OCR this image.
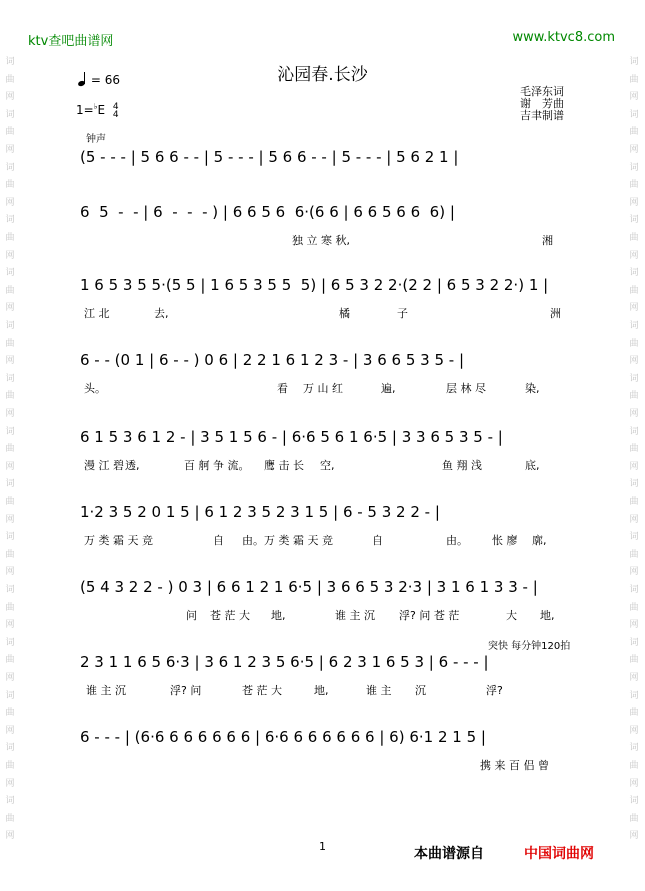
词
曲
网
词
曲
网
词
曲
网
词
曲
网
词
曲
网
词
曲
网
词
曲
网
词
曲
网
词
曲
网
词
曲
网
词
曲
网
词
曲
网
词
曲
网
词
曲
网
词
曲
网
词
曲
网
词
曲
网
词
曲
网
词
曲
网
词
曲
网
词
曲
网
词
曲
网
词
曲
网
词
曲
网
词
曲
网
词
曲
网
词
曲
网
词
曲
网
词
曲
网
词
曲
网
ktv查吧曲谱网	www.ktvc8.com
沁园春.长沙
= 66
1=♭E 4
4
毛泽东词
谢　芳曲
吉聿制谱
钟声
突快 每分钟120拍
(5 - - - | 5 6 6 - - | 5 - - - | 5 6 6 - - | 5 - - - | 5 6 2 1 |
6  5  -  - | 6  -  -  - ) | 6 6 5 6  6·(6 6 | 6 6 5 6 6  6) |
独 立 寒 秋,	湘
1 6 5 3 5 5·(5 5 | 1 6 5 3 5 5  5) | 6 5 3 2 2·(2 2 | 6 5 3 2 2·) 1 |
江 北	去,	橘	子	洲
6 - - (0 1 | 6 - - ) 0 6 | 2 2 1 6 1 2 3 - | 3 6 6 5 3 5 - |
头。	看 万 山 红	遍,	层 林 尽	染,
6 1 5 3 6 1 2 - | 3 5 1 5 6 - | 6·6 5 6 1 6·5 | 3 3 6 5 3 5 - |
漫 江 碧 透,	百 舸 争 流。 鹰 击 长 空,	鱼 翔 浅	底,
1·2 3 5 2 0 1 5 | 6 1 2 3 5 2 3 1 5 | 6 - 5 3 2 2 - |
万 类 霜 天 竞	自 由。万 类 霜 天 竞	自	由。 怅 廖 廓,
(5 4 3 2 2 - ) 0 3 | 6 6 1 2 1 6·5 | 3 6 6 5 3 2·3 | 3 1 6 1 3 3 - |
问 苍 茫 大 地,	谁 主 沉 浮? 问 苍 茫	大 地,
2 3 1 1 6 5 6·3 | 3 6 1 2 3 5 6·5 | 6 2 3 1 6 5 3 | 6 - - - |
谁 主 沉	浮? 问	苍 茫 大	地,	谁 主 沉	浮?
6 - - - | (6·6 6 6 6 6 6 6 | 6·6 6 6 6 6 6 6 | 6) 6·1 2 1 5 |
携 来 百 侣 曾
1	本曲谱源自	中国词曲网
